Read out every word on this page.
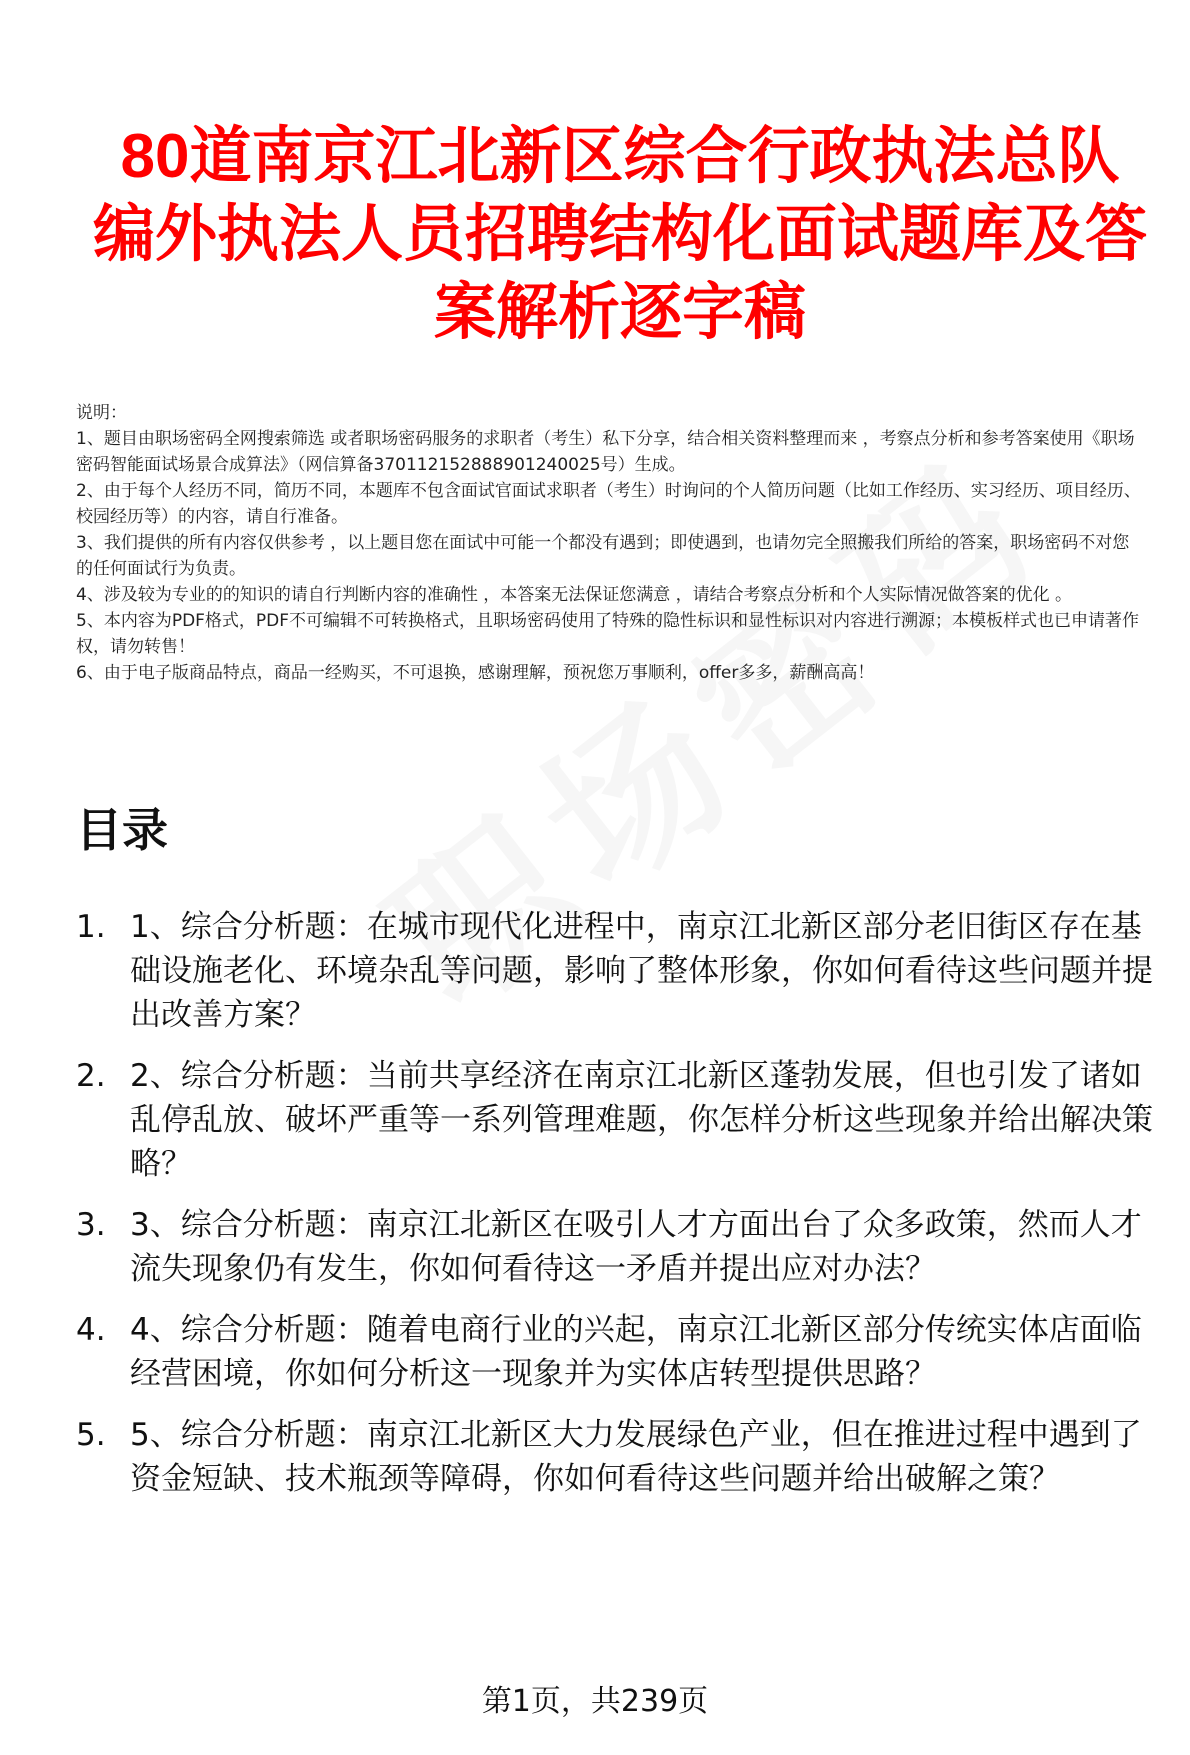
80道南京江北新区综合行政执法总队编外执法人员招聘结构化面试题库及答案解析逐字稿

说明：

1、题目由职场密码全网搜索筛选 或者职场密码服务的求职者（考生）私下分享，结合相关资料整理而来 ，考察点分析和参考答案使用《职场密码智能面试场景合成算法》（网信算备370112152888901240025号）生成。

2、由于每个人经历不同，简历不同，本题库不包含面试官面试求职者（考生）时询问的个人简历问题（比如工作经历、实习经历、项目经历、校园经历等）的内容，请自行准备。

3、我们提供的所有内容仅供参考 ，以上题目您在面试中可能一个都没有遇到；即使遇到，也请勿完全照搬我们所给的答案，职场密码不对您的任何面试行为负责。

4、涉及较为专业的的知识的请自行判断内容的准确性 ，本答案无法保证您满意 ，请结合考察点分析和个人实际情况做答案的优化 。

5、本内容为PDF格式，PDF不可编辑不可转换格式，且职场密码使用了特殊的隐性标识和显性标识对内容进行溯源；本模板样式也已申请著作权，请勿转售！

6、由于电子版商品特点，商品一经购买，不可退换，感谢理解，预祝您万事顺利，offer多多，薪酬高高！

目录
1. 1、综合分析题：在城市现代化进程中，南京江北新区部分老旧街区存在基础设施老化、环境杂乱等问题，影响了整体形象，你如何看待这些问题并提出改善方案？
2. 2、综合分析题：当前共享经济在南京江北新区蓬勃发展，但也引发了诸如乱停乱放、破坏严重等一系列管理难题，你怎样分析这些现象并给出解决策略？
3. 3、综合分析题：南京江北新区在吸引人才方面出台了众多政策，然而人才流失现象仍有发生，你如何看待这一矛盾并提出应对办法？
4. 4、综合分析题：随着电商行业的兴起，南京江北新区部分传统实体店面临经营困境，你如何分析这一现象并为实体店转型提供思路？
5. 5、综合分析题：南京江北新区大力发展绿色产业，但在推进过程中遇到了资金短缺、技术瓶颈等障碍，你如何看待这些问题并给出破解之策？
第1页，共239页
